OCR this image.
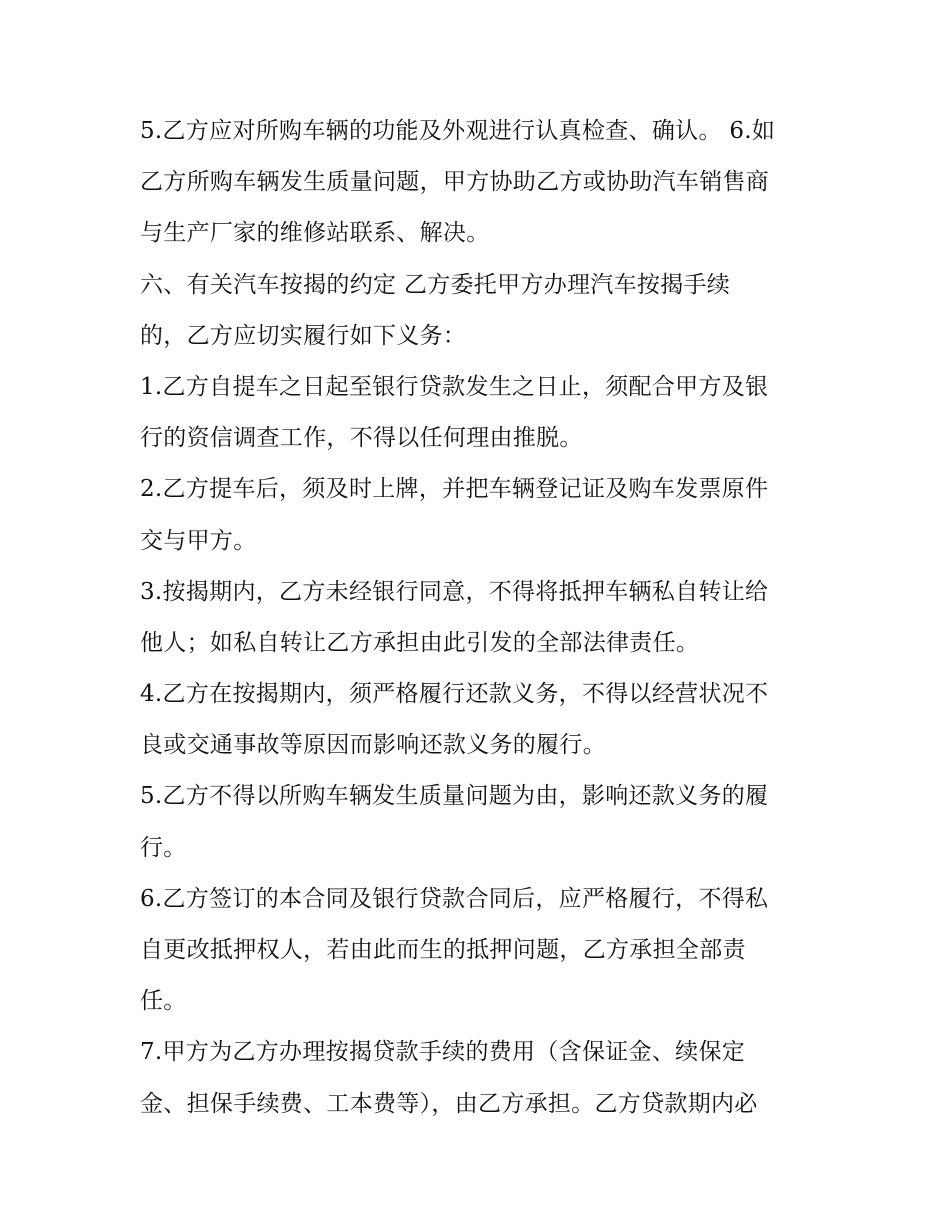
5.乙方应对所购车辆的功能及外观进行认真检查、确认。 6.如
乙方所购车辆发生质量问题，甲方协助乙方或协助汽车销售商
与生产厂家的维修站联系、解决。
六、有关汽车按揭的约定 乙方委托甲方办理汽车按揭手续
的，乙方应切实履行如下义务：
1.乙方自提车之日起至银行贷款发生之日止，须配合甲方及银
行的资信调查工作，不得以任何理由推脱。
2.乙方提车后，须及时上牌，并把车辆登记证及购车发票原件
交与甲方。
3.按揭期内，乙方未经银行同意，不得将抵押车辆私自转让给
他人；如私自转让乙方承担由此引发的全部法律责任。
4.乙方在按揭期内，须严格履行还款义务，不得以经营状况不
良或交通事故等原因而影响还款义务的履行。
5.乙方不得以所购车辆发生质量问题为由，影响还款义务的履
行。
6.乙方签订的本合同及银行贷款合同后，应严格履行，不得私
自更改抵押权人，若由此而生的抵押问题，乙方承担全部责
任。
7.甲方为乙方办理按揭贷款手续的费用（含保证金、续保定
金、担保手续费、工本费等），由乙方承担。乙方贷款期内必
